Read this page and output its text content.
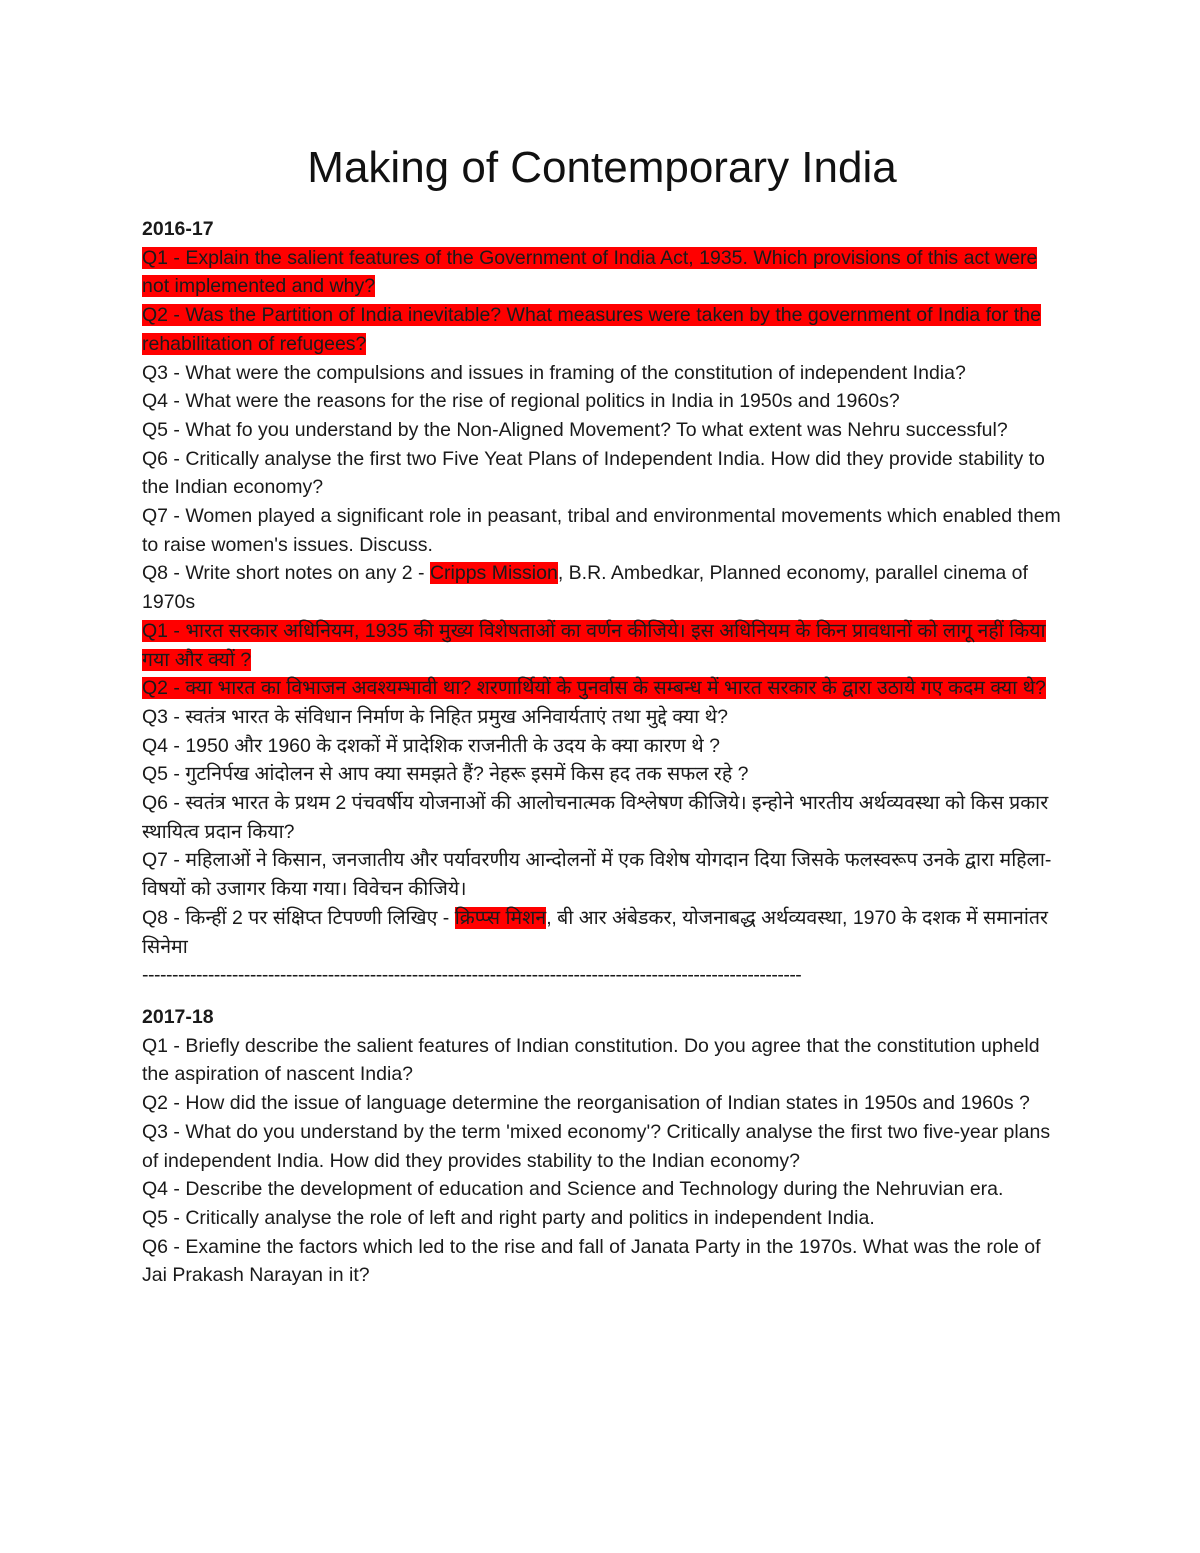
Making of Contemporary India

2016-17

Q1 - Explain the salient features of the Government of India Act, 1935. Which provisions of this act were not implemented and why?

Q2 - Was the Partition of India inevitable? What measures were taken by the government of India for the rehabilitation of refugees?

Q3 - What were the compulsions and issues in framing of the constitution of independent India?

Q4 - What were the reasons for the rise of regional politics in India in 1950s and 1960s?

Q5 - What fo you understand by the Non-Aligned Movement? To what extent was Nehru successful?

Q6 - Critically analyse the first two Five Yeat Plans of Independent India. How did they provide stability to the Indian economy?

Q7 - Women played a significant role in peasant, tribal and environmental movements which enabled them to raise women's issues. Discuss.

Q8 - Write short notes on any 2 - Cripps Mission, B.R. Ambedkar, Planned economy, parallel cinema of 1970s

Q1 - भारत सरकार अधिनियम, 1935 की मुख्य विशेषताओं का वर्णन कीजिये। इस अधिनियम के किन प्रावधानों को लागू नहीं किया गया और क्यों ?

Q2 - क्या भारत का विभाजन अवश्यम्भावी था? शरणार्थियों के पुनर्वास के सम्बन्ध में भारत सरकार के द्वारा उठाये गए कदम क्या थे?

Q3 - स्वतंत्र भारत के संविधान निर्माण के निहित प्रमुख अनिवार्यताएं तथा मुद्दे क्या थे?

Q4 - 1950 और 1960 के दशकों में प्रादेशिक राजनीती के उदय के क्या कारण थे ?

Q5 - गुटनिर्पख आंदोलन से आप क्या समझते हैं? नेहरू इसमें किस हद तक सफल रहे ?

Q6 - स्वतंत्र भारत के प्रथम 2 पंचवर्षीय योजनाओं की आलोचनात्मक विश्लेषण कीजिये। इन्होने भारतीय अर्थव्यवस्था को किस प्रकार स्थायित्व प्रदान किया?

Q7 - महिलाओं ने किसान, जनजातीय और पर्यावरणीय आन्दोलनों में एक विशेष योगदान दिया जिसके फलस्वरूप उनके द्वारा महिला-विषयों को उजागर किया गया। विवेचन कीजिये।

Q8 - किन्हीं 2 पर संक्षिप्त टिपण्णी लिखिए - क्रिप्प्स मिशन, बी आर अंबेडकर, योजनाबद्ध अर्थव्यवस्था, 1970 के दशक में समानांतर सिनेमा

--------------------------------------------------------------------------------------------------------------

2017-18

Q1 - Briefly describe the salient features of Indian constitution. Do you agree that the constitution upheld the aspiration of nascent India?

Q2 - How did the issue of language determine the reorganisation of Indian states in 1950s and 1960s ?

Q3 - What do you understand by the term 'mixed economy'? Critically analyse the first two five-year plans of independent India. How did they provides stability to the Indian economy?

Q4 - Describe the development of education and Science and Technology during the Nehruvian era.

Q5 - Critically analyse the role of left and right party and politics in independent India.

Q6 - Examine the factors which led to the rise and fall of Janata Party in the 1970s. What was the role of Jai Prakash Narayan in it?
